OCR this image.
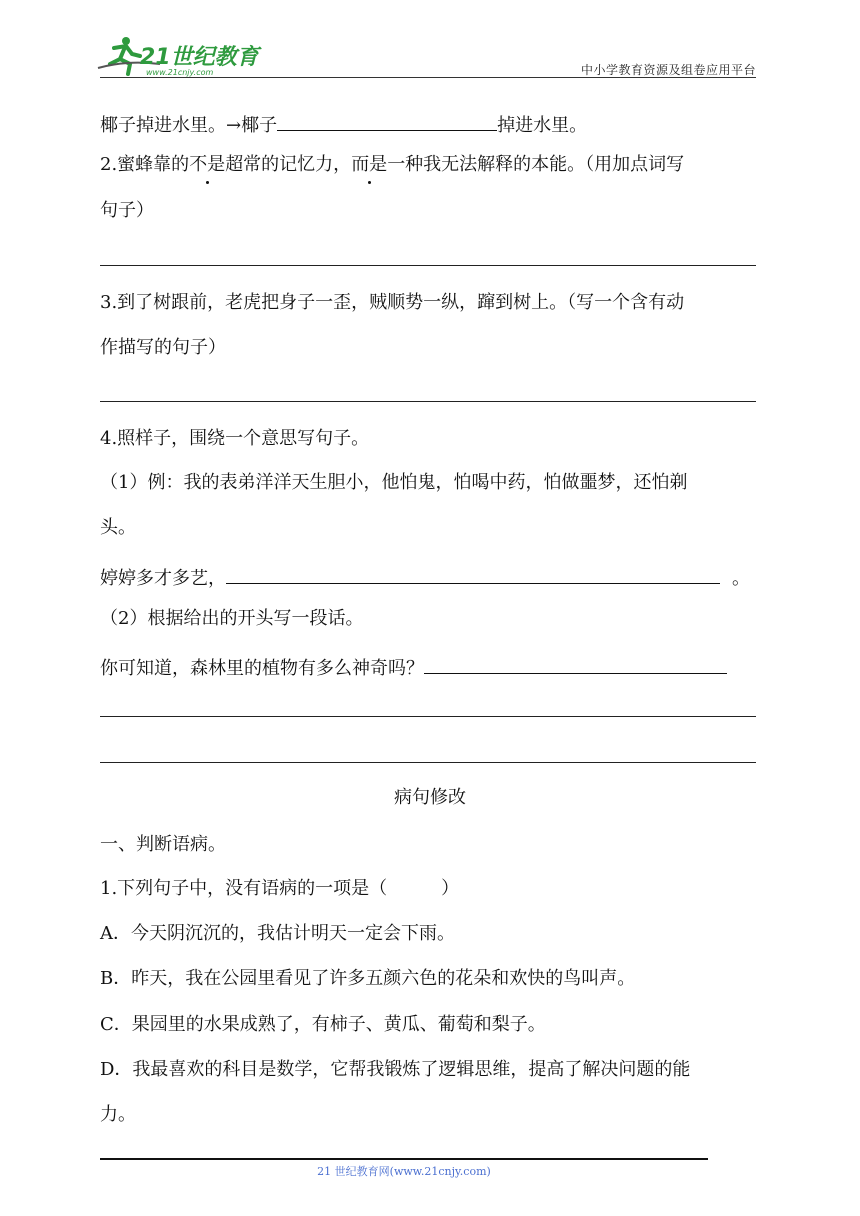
21世纪教育
www.21cnjy.com	中小学教育资源及组卷应用平台
椰子掉进水里。→椰子	掉进水里。
2.蜜蜂靠的不是超常的记忆力，而是一种我无法解释的本能。（用加点词写
句子）
3.到了树跟前，老虎把身子一歪，贼顺势一纵，蹿到树上。（写一个含有动
作描写的句子）
4.照样子，围绕一个意思写句子。
（1）例：我的表弟洋洋天生胆小，他怕鬼，怕喝中药，怕做噩梦，还怕剃
头。
婷婷多才多艺，	。
（2）根据给出的开头写一段话。
你可知道，森林里的植物有多么神奇吗？
病句修改
一、判断语病。
1.下列句子中，没有语病的一项是（　　　）
A．今天阴沉沉的，我估计明天一定会下雨。
B．昨天，我在公园里看见了许多五颜六色的花朵和欢快的鸟叫声。
C．果园里的水果成熟了，有柿子、黄瓜、葡萄和梨子。
D．我最喜欢的科目是数学，它帮我锻炼了逻辑思维，提高了解决问题的能
力。
21 世纪教育网(www.21cnjy.com)
